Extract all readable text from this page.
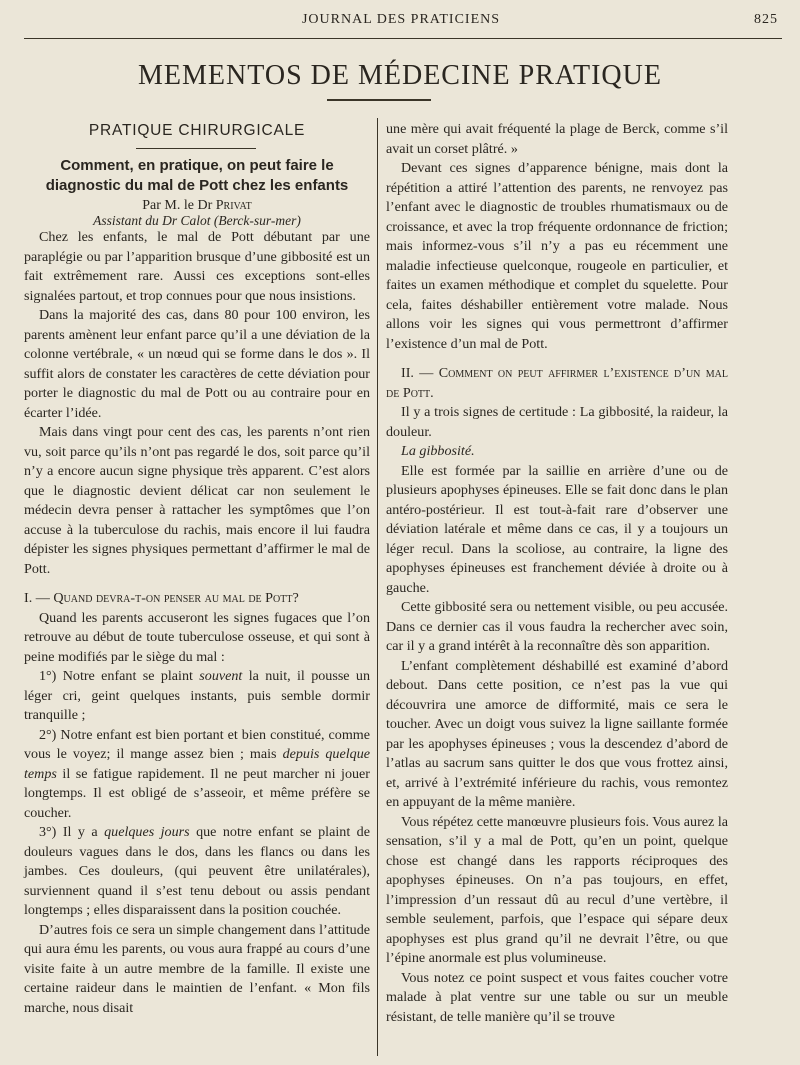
JOURNAL DES PRATICIENS	825
MEMENTOS DE MÉDECINE PRATIQUE
PRATIQUE CHIRURGICALE
Comment, en pratique, on peut faire le diagnostic du mal de Pott chez les enfants
Par M. le Dr Privat
Assistant du Dr Calot (Berck-sur-mer)

Chez les enfants, le mal de Pott débutant par une paraplégie ou par l’apparition brusque d’une gibbosité est un fait extrêmement rare. Aussi ces exceptions sont-elles signalées partout, et trop connues pour que nous insistions.

Dans la majorité des cas, dans 80 pour 100 environ, les parents amènent leur enfant parce qu’il a une déviation de la colonne vertébrale, « un nœud qui se forme dans le dos ». Il suffit alors de constater les caractères de cette déviation pour porter le diagnostic du mal de Pott ou au contraire pour en écarter l’idée.

Mais dans vingt pour cent des cas, les parents n’ont rien vu, soit parce qu’ils n’ont pas regardé le dos, soit parce qu’il n’y a encore aucun signe physique très apparent. C’est alors que le diagnostic devient délicat car non seulement le médecin devra penser à rattacher les symptômes que l’on accuse à la tuberculose du rachis, mais encore il lui faudra dépister les signes physiques permettant d’affirmer le mal de Pott.

I. — Quand devra-t-on penser au mal de Pott?

Quand les parents accuseront les signes fugaces que l’on retrouve au début de toute tuberculose osseuse, et qui sont à peine modifiés par le siège du mal :

1°) Notre enfant se plaint souvent la nuit, il pousse un léger cri, geint quelques instants, puis semble dormir tranquille ;

2°) Notre enfant est bien portant et bien constitué, comme vous le voyez; il mange assez bien ; mais depuis quelque temps il se fatigue rapidement. Il ne peut marcher ni jouer longtemps. Il est obligé de s’asseoir, et même préfère se coucher.

3°) Il y a quelques jours que notre enfant se plaint de douleurs vagues dans le dos, dans les flancs ou dans les jambes. Ces douleurs, (qui peuvent être unilatérales), surviennent quand il s’est tenu debout ou assis pendant longtemps ; elles disparaissent dans la position couchée.

D’autres fois ce sera un simple changement dans l’attitude qui aura ému les parents, ou vous aura frappé au cours d’une visite faite à un autre membre de la famille. Il existe une certaine raideur dans le maintien de l’enfant. « Mon fils marche, nous disait

une mère qui avait fréquenté la plage de Berck, comme s’il avait un corset plâtré. »

Devant ces signes d’apparence bénigne, mais dont la répétition a attiré l’attention des parents, ne renvoyez pas l’enfant avec le diagnostic de troubles rhumatismaux ou de croissance, et avec la trop fréquente ordonnance de friction; mais informez-vous s’il n’y a pas eu récemment une maladie infectieuse quelconque, rougeole en particulier, et faites un examen méthodique et complet du squelette. Pour cela, faites déshabiller entièrement votre malade. Nous allons voir les signes qui vous permettront d’affirmer l’existence d’un mal de Pott.

II. — Comment on peut affirmer l’existence d’un mal de Pott.

Il y a trois signes de certitude : La gibbosité, la raideur, la douleur.

La gibbosité.

Elle est formée par la saillie en arrière d’une ou de plusieurs apophyses épineuses. Elle se fait donc dans le plan antéro-postérieur. Il est tout-à-fait rare d’observer une déviation latérale et même dans ce cas, il y a toujours un léger recul. Dans la scoliose, au contraire, la ligne des apophyses épineuses est franchement déviée à droite ou à gauche.

Cette gibbosité sera ou nettement visible, ou peu accusée. Dans ce dernier cas il vous faudra la rechercher avec soin, car il y a grand intérêt à la reconnaître dès son apparition.

L’enfant complètement déshabillé est examiné d’abord debout. Dans cette position, ce n’est pas la vue qui découvrira une amorce de difformité, mais ce sera le toucher. Avec un doigt vous suivez la ligne saillante formée par les apophyses épineuses ; vous la descendez d’abord de l’atlas au sacrum sans quitter le dos que vous frottez ainsi, et, arrivé à l’extrémité inférieure du rachis, vous remontez en appuyant de la même manière.

Vous répétez cette manœuvre plusieurs fois. Vous aurez la sensation, s’il y a mal de Pott, qu’en un point, quelque chose est changé dans les rapports réciproques des apophyses épineuses. On n’a pas toujours, en effet, l’impression d’un ressaut dû au recul d’une vertèbre, il semble seulement, parfois, que l’espace qui sépare deux apophyses est plus grand qu’il ne devrait l’être, ou que l’épine anormale est plus volumineuse.

Vous notez ce point suspect et vous faites coucher votre malade à plat ventre sur une table ou sur un meuble résistant, de telle manière qu’il se trouve
